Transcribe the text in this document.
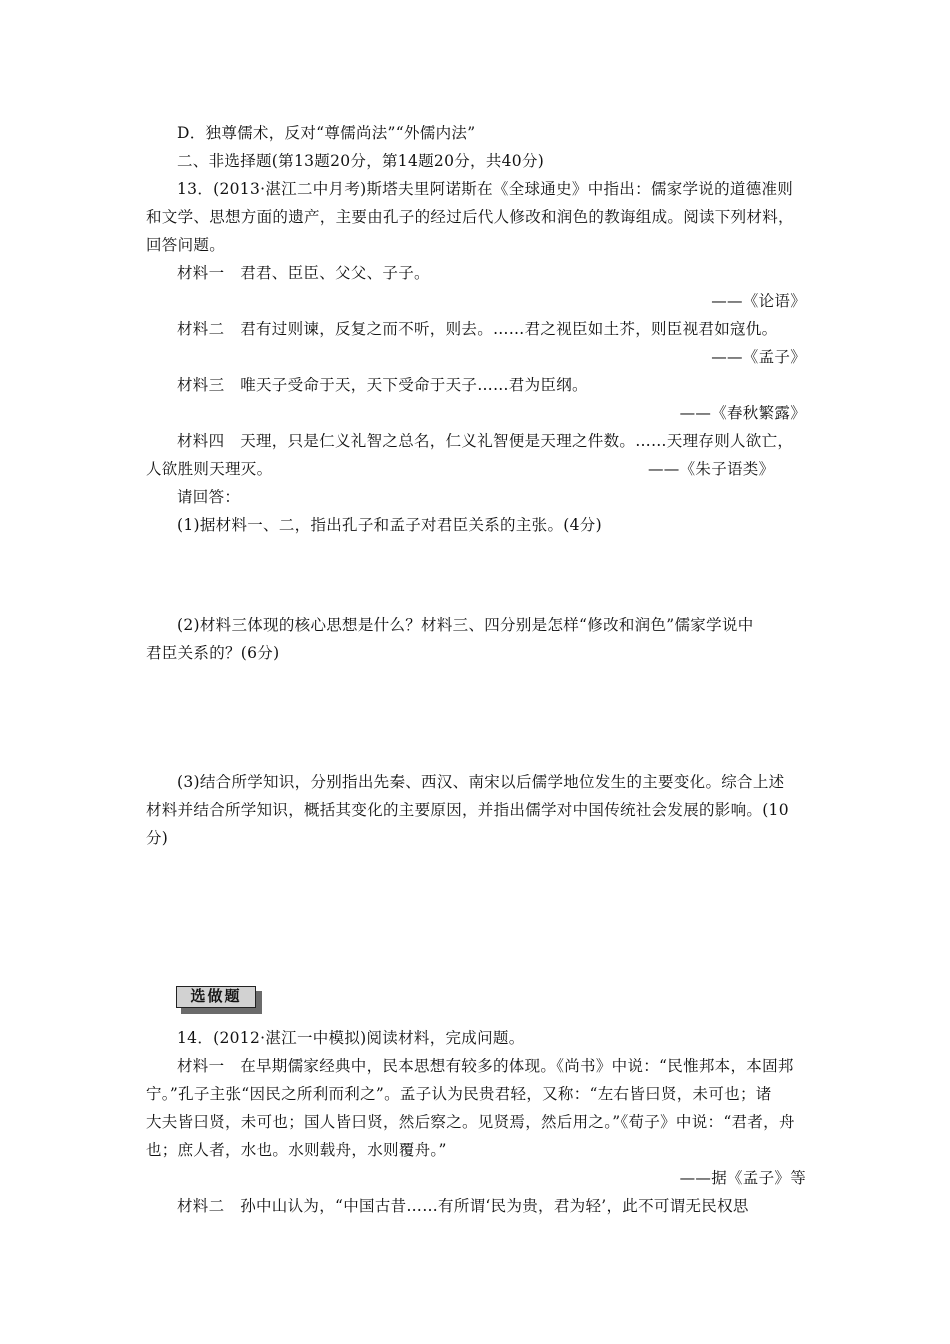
D．独尊儒术，反对“尊儒尚法”“外儒内法”
二、非选择题(第13题20分，第14题20分，共40分)
13．(2013·湛江二中月考)斯塔夫里阿诺斯在《全球通史》中指出：儒家学说的道德准则
和文学、思想方面的遗产，主要由孔子的经过后代人修改和润色的教诲组成。阅读下列材料，
回答问题。
材料一　君君、臣臣、父父、子子。
——《论语》
材料二　君有过则谏，反复之而不听，则去。……君之视臣如土芥，则臣视君如寇仇。
——《孟子》
材料三　唯天子受命于天，天下受命于天子……君为臣纲。
——《春秋繁露》
材料四　天理，只是仁义礼智之总名，仁义礼智便是天理之件数。……天理存则人欲亡，
人欲胜则天理灭。	——《朱子语类》
请回答：
(1)据材料一、二，指出孔子和孟子对君臣关系的主张。(4分)
(2)材料三体现的核心思想是什么？材料三、四分别是怎样“修改和润色”儒家学说中
君臣关系的？(6分)
(3)结合所学知识，分别指出先秦、西汉、南宋以后儒学地位发生的主要变化。综合上述
材料并结合所学知识，概括其变化的主要原因，并指出儒学对中国传统社会发展的影响。(10
分)
选做题
14．(2012·湛江一中模拟)阅读材料，完成问题。
材料一　在早期儒家经典中，民本思想有较多的体现。《尚书》中说：“民惟邦本，本固邦
宁。”孔子主张“因民之所利而利之”。孟子认为民贵君轻，又称：“左右皆曰贤，未可也；诸
大夫皆曰贤，未可也；国人皆曰贤，然后察之。见贤焉，然后用之。”《荀子》中说：“君者，舟
也；庶人者，水也。水则载舟，水则覆舟。”
——据《孟子》等
材料二　孙中山认为，“中国古昔……有所谓‘民为贵，君为轻’，此不可谓无民权思
